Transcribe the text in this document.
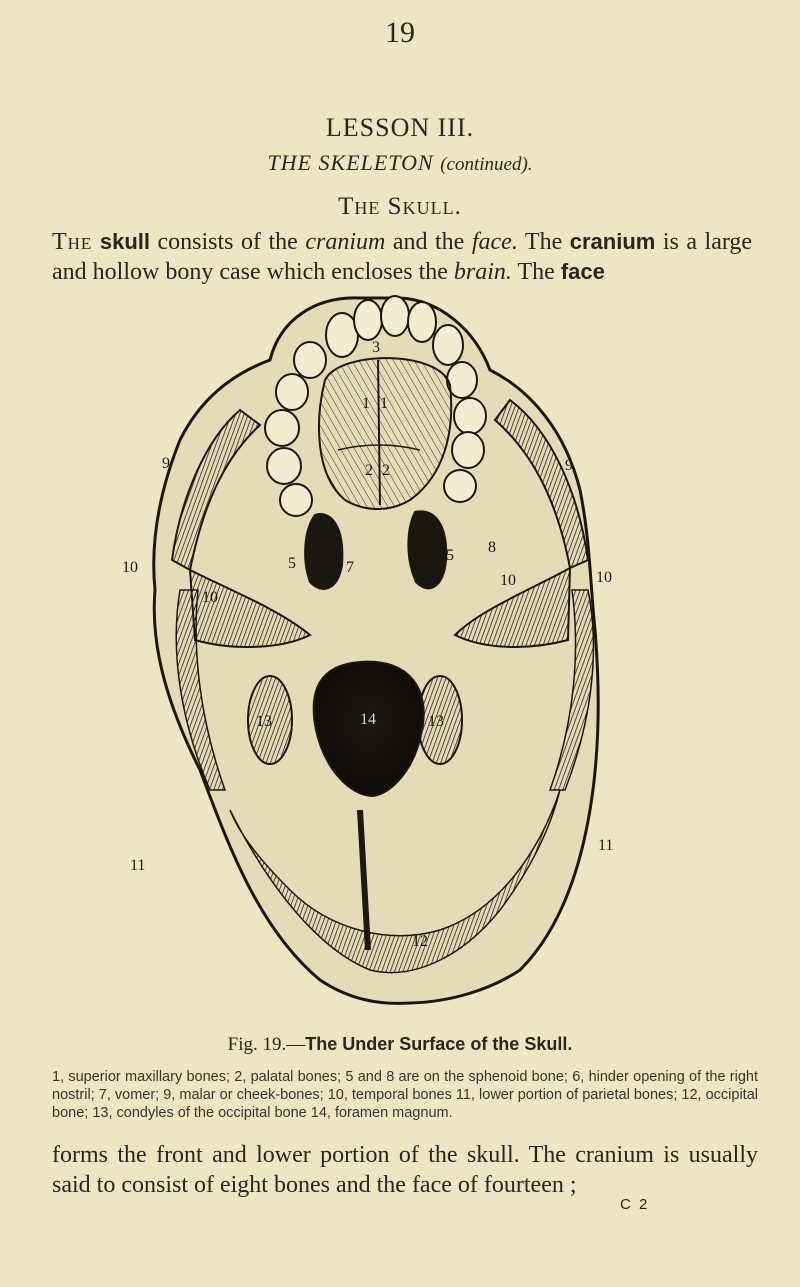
19
LESSON III.
THE SKELETON (continued).
The Skull.
The skull consists of the cranium and the face. The cranium is a large and hollow bony case which encloses the brain. The face
3
1 1
2 2
9	9
10
10
10
10
5	5
7
8
6
13	13
14
11
11
12
Fig. 19.—The Under Surface of the Skull.
1, superior maxillary bones; 2, palatal bones; 5 and 8 are on the sphenoid bone; 6, hinder opening of the right nostril; 7, vomer; 9, malar or cheek-bones; 10, temporal bones 11, lower portion of parietal bones; 12, occipital bone; 13, condyles of the occipital bone 14, foramen magnum.
forms the front and lower portion of the skull. The cranium is usually said to consist of eight bones and the face of fourteen ;
C 2
